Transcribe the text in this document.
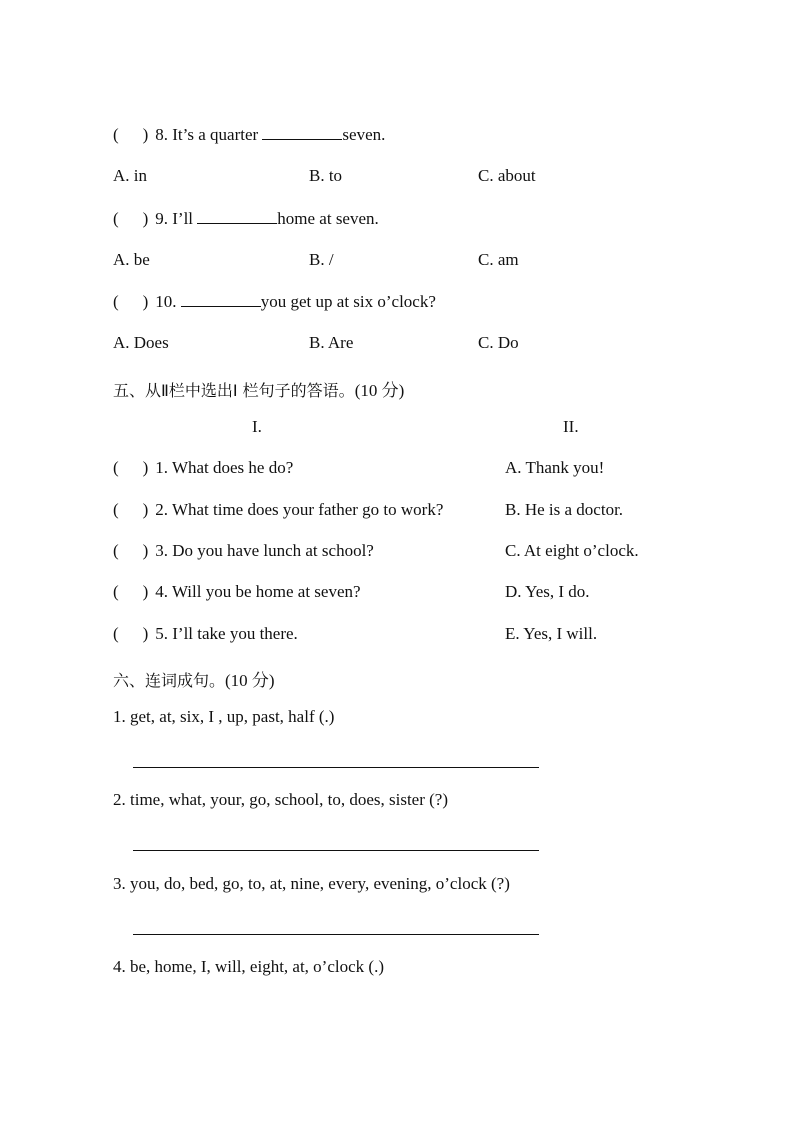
( ) 8. It’s a quarter	seven.
A. in	B. to	C. about
( ) 9. I’ll	home at seven.
A. be	B. /	C. am
( ) 10.	you get up at six o’clock?
A. Does	B. Are	C. Do
五、从Ⅱ栏中选出Ⅰ 栏句子的答语。(10 分)
I.	II.
( ) 1. What does he do?	A. Thank you!
( ) 2. What time does your father go to work?	B. He is a doctor.
( ) 3. Do you have lunch at school?	C. At eight o’clock.
( ) 4. Will you be home at seven?	D. Yes, I do.
( ) 5. I’ll take you there.	E. Yes, I will.
六、连词成句。(10 分)
1. get, at, six, I , up, past, half (.)
2. time, what, your, go, school, to, does, sister (?)
3. you, do, bed, go, to, at, nine, every, evening, o’clock (?)
4. be, home, I, will, eight, at, o’clock (.)
